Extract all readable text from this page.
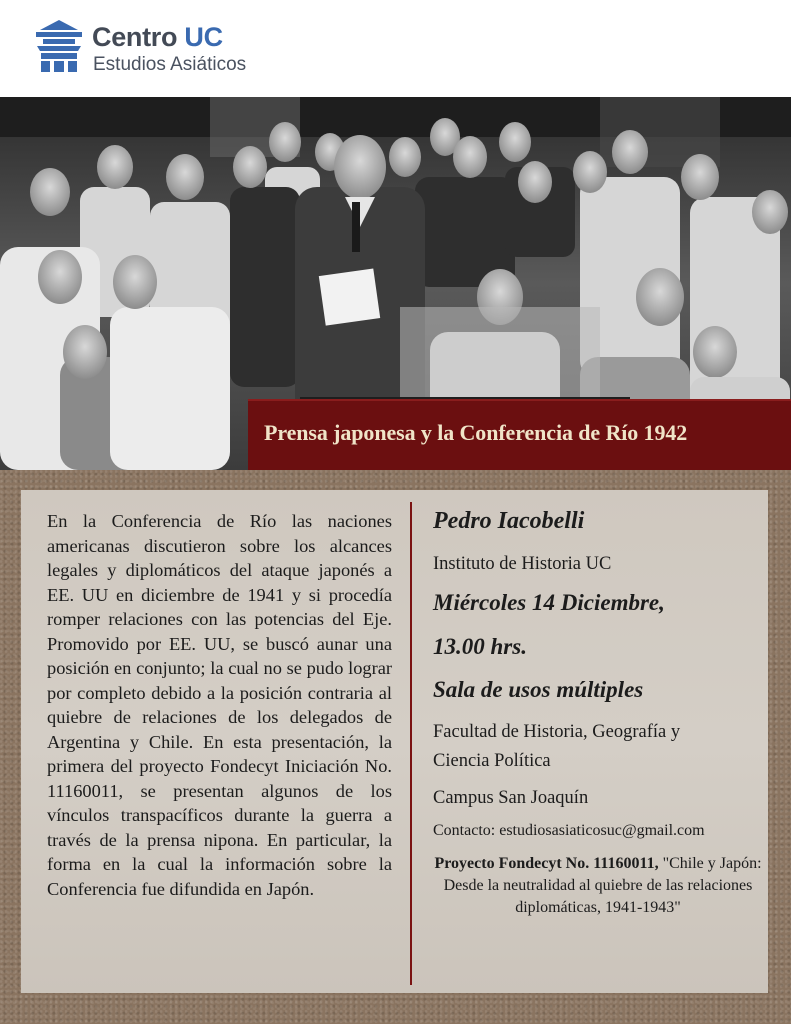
Centro UC
Estudios Asiáticos
Prensa japonesa y la Conferencia de Río 1942

En la Conferencia de Río las naciones americanas discutieron sobre los alcances legales y diplomáticos del ataque japonés a EE. UU en diciembre de 1941 y si procedía romper relaciones con las potencias del Eje. Promovido por EE. UU, se buscó aunar una posición en conjunto; la cual no se pudo lograr por completo debido a la posición contraria al quiebre de relaciones de los delegados de Argentina y Chile. En esta presentación, la primera del proyecto Fondecyt Iniciación No. 11160011, se presentan algunos de los vínculos transpacíficos durante la guerra a través de la prensa nipona. En particular, la forma en la cual la información sobre la Conferencia fue difundida en Japón.

Pedro Iacobelli
Instituto de Historia UC
Miércoles 14 Diciembre,
13.00 hrs.
Sala de usos múltiples
Facultad de Historia, Geografía y
Ciencia Política
Campus San Joaquín
Contacto: estudiosasiaticosuc@gmail.com

Proyecto Fondecyt No. 11160011, "Chile y Japón: Desde la neutralidad al quiebre de las relaciones diplomáticas, 1941-1943"
